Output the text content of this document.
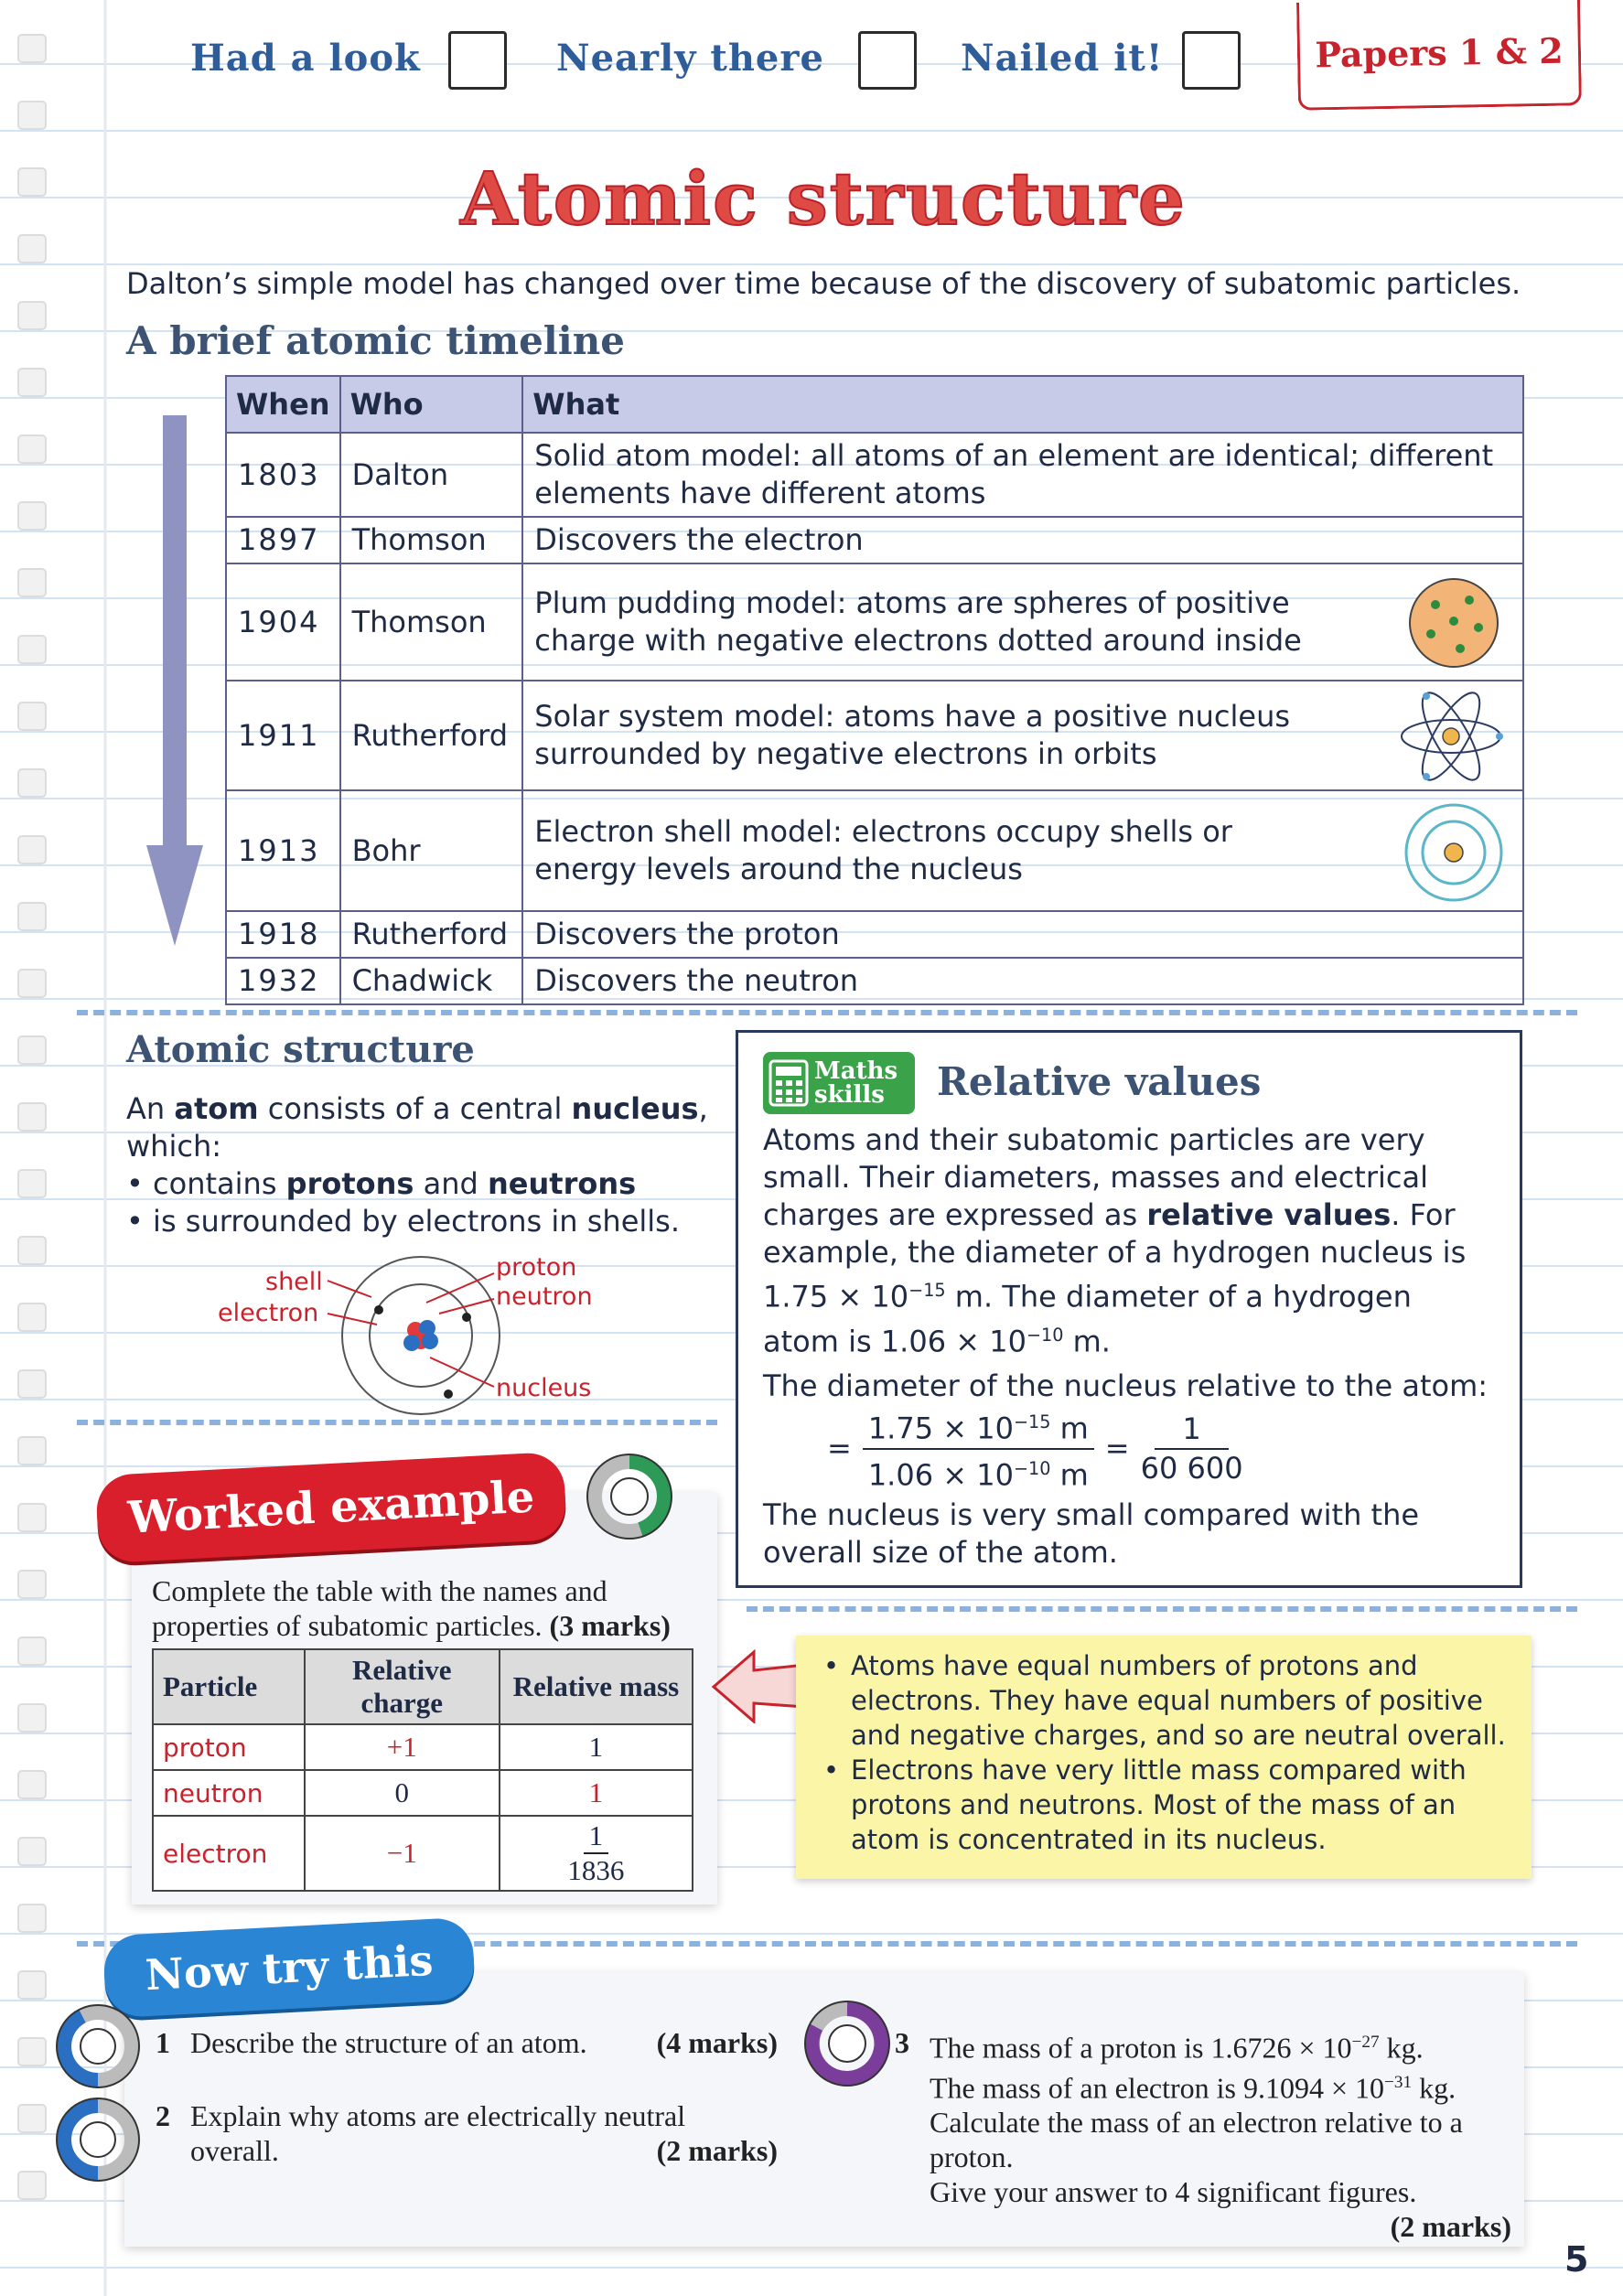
Had a look	Nearly there	Nailed it!	Papers 1 & 2
Atomic structure
Dalton’s simple model has changed over time because of the discovery of subatomic particles.
A brief atomic timeline
When	Who	What
1803	Dalton	Solid atom model: all atoms of an element are identical; different elements have different atoms
1897	Thomson	Discovers the electron
1904	Thomson	Plum pudding model: atoms are spheres of positive charge with negative electrons dotted around inside

1911	Rutherford	Solar system model: atoms have a positive nucleus surrounded by negative electrons in orbits

1913	Bohr	Electron shell model: electrons occupy shells or energy levels around the nucleus

1918	Rutherford	Discovers the proton
1932	Chadwick	Discovers the neutron
Atomic structure
An atom consists of a central nucleus, which:
• contains protons and neutrons
• is surrounded by electrons in shells.
shell
electron
proton
neutron
nucleus
Maths
skills	Relative values
Atoms and their subatomic particles are very small. Their diameters, masses and electrical charges are expressed as relative values. For example, the diameter of a hydrogen nucleus is $1.75 \times 10^{-15}$ m. The diameter of a hydrogen atom is $1.06 \times 10^{-10}$ m.
The diameter of the nucleus relative to the atom:
= $\frac{1.75 \times 10^{-15} m}{1.06 \times 10^{-10} m} = \frac{1}{60 600}$
The nucleus is very small compared with the overall size of the atom.
Worked example
Complete the table with the names and properties of subatomic particles. (3 marks)
Particle	Relative charge	Relative mass
proton	+1	1
neutron	0	1
electron	−1	$\frac{1}{1836}$
• Atoms have equal numbers of protons and electrons. They have equal numbers of positive and negative charges, and so are neutral overall.
• Electrons have very little mass compared with protons and neutrons. Most of the mass of an atom is concentrated in its nucleus.
Now try this
1 Describe the structure of an atom. (4 marks)
2 Explain why atoms are electrically neutral overall.	(2 marks)
3 The mass of a proton is $1.6726 \times 10^{-27}$ kg.
The mass of an electron is $9.1094 \times 10^{-31}$ kg.
Calculate the mass of an electron relative to a proton.
Give your answer to 4 significant figures.
(2 marks)
5
